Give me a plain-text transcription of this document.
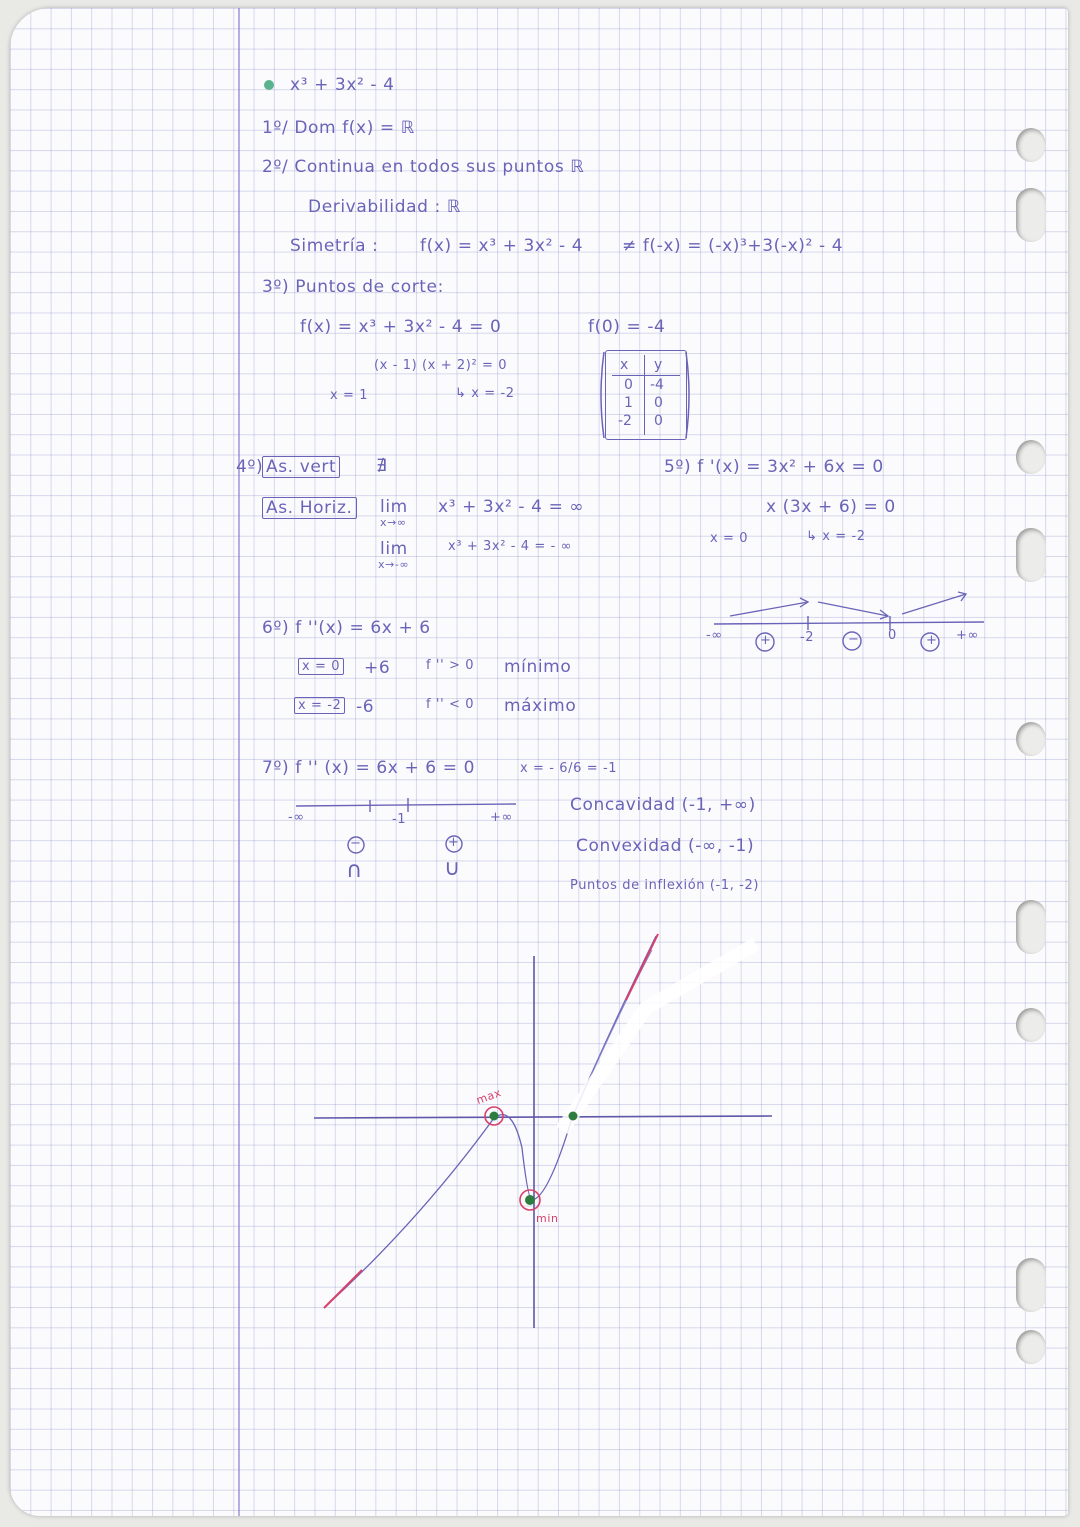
x³ + 3x² - 4
1º/ Dom f(x) = ℝ
2º/ Continua en todos sus puntos ℝ
Derivabilidad : ℝ
Simetría : f(x) = x³ + 3x² - 4 ≠ f(-x) = (-x)³+3(-x)² - 4
3º) Puntos de corte:
f(x) = x³ + 3x² - 4 = 0	f(0) = -4
(x - 1) (x + 2)² = 0
x = 1	↳ x = -2
x y
0 -4
1 0
-2 0
4º) As. vert ∄
As. Horiz. lim
x→∞
x³ + 3x² - 4 = ∞
lim
x→-∞
x³ + 3x² - 4 = - ∞
5º) f '(x) = 3x² + 6x = 0
x (3x + 6) = 0
x = 0	↳ x = -2
-∞	-2	0	+∞
+	−	+
6º) f ''(x) = 6x + 6
x = 0 +6	f '' > 0 mínimo
x = -2 -6	f '' < 0 máximo
7º) f '' (x) = 6x + 6 = 0	x = - 6/6 = -1
-∞	-1	+∞
−	+
∩	∪
Concavidad (-1, +∞)
Convexidad (-∞, -1)
Puntos de inflexión (-1, -2)
max
min
